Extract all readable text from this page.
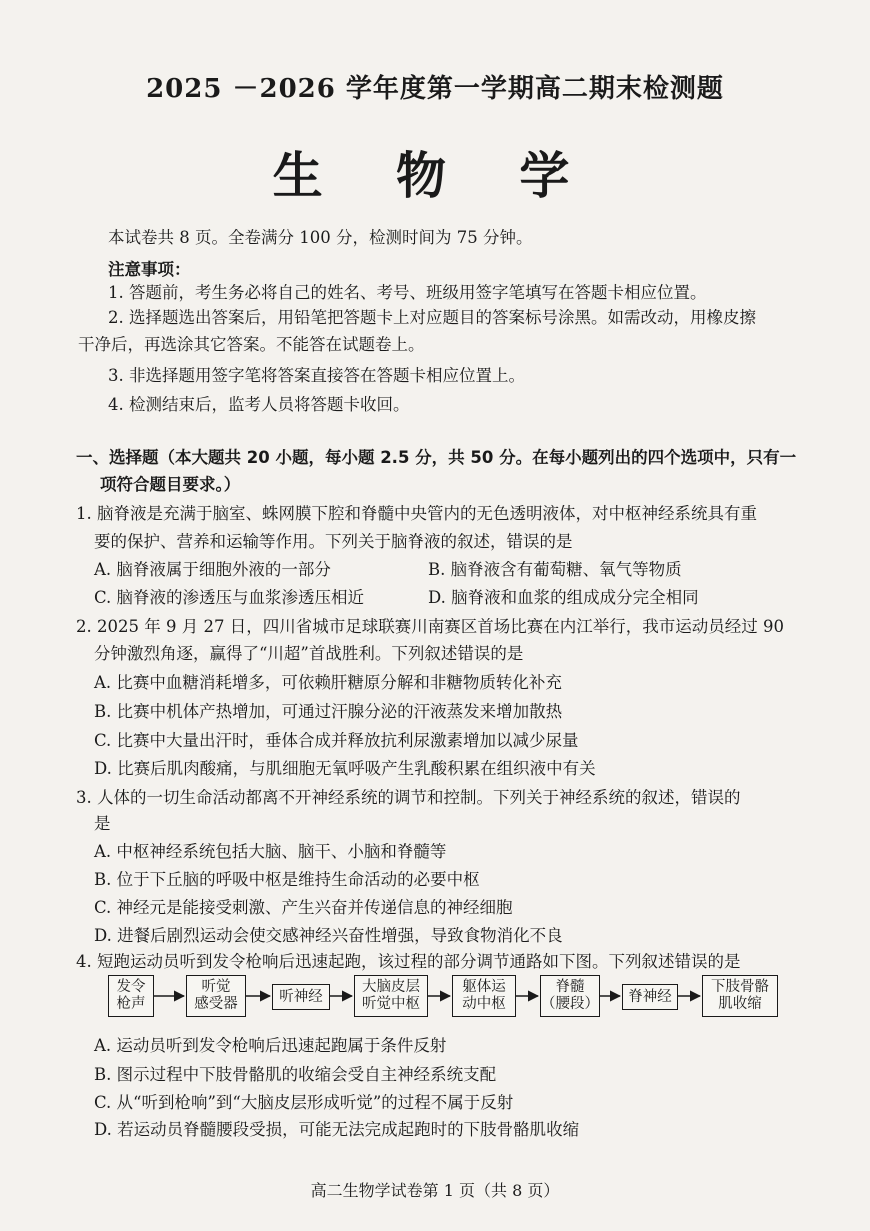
2025 －2026 学年度第一学期高二期末检测题
生 物 学
本试卷共 8 页。全卷满分 100 分，检测时间为 75 分钟。
注意事项：
1. 答题前，考生务必将自己的姓名、考号、班级用签字笔填写在答题卡相应位置。
2. 选择题选出答案后，用铅笔把答题卡上对应题目的答案标号涂黑。如需改动，用橡皮擦
干净后，再选涂其它答案。不能答在试题卷上。
3. 非选择题用签字笔将答案直接答在答题卡相应位置上。
4. 检测结束后，监考人员将答题卡收回。
一、选择题（本大题共 20 小题，每小题 2.5 分，共 50 分。在每小题列出的四个选项中，只有一
项符合题目要求。）
1. 脑脊液是充满于脑室、蛛网膜下腔和脊髓中央管内的无色透明液体，对中枢神经系统具有重
要的保护、营养和运输等作用。下列关于脑脊液的叙述，错误的是
A. 脑脊液属于细胞外液的一部分	B. 脑脊液含有葡萄糖、氧气等物质
C. 脑脊液的渗透压与血浆渗透压相近	D. 脑脊液和血浆的组成成分完全相同
2. 2025 年 9 月 27 日，四川省城市足球联赛川南赛区首场比赛在内江举行，我市运动员经过 90
分钟激烈角逐，赢得了“川超”首战胜利。下列叙述错误的是
A. 比赛中血糖消耗增多，可依赖肝糖原分解和非糖物质转化补充
B. 比赛中机体产热增加，可通过汗腺分泌的汗液蒸发来增加散热
C. 比赛中大量出汗时，垂体合成并释放抗利尿激素增加以减少尿量
D. 比赛后肌肉酸痛，与肌细胞无氧呼吸产生乳酸积累在组织液中有关
3. 人体的一切生命活动都离不开神经系统的调节和控制。下列关于神经系统的叙述，错误的
是
A. 中枢神经系统包括大脑、脑干、小脑和脊髓等
B. 位于下丘脑的呼吸中枢是维持生命活动的必要中枢
C. 神经元是能接受刺激、产生兴奋并传递信息的神经细胞
D. 进餐后剧烈运动会使交感神经兴奋性增强，导致食物消化不良
4. 短跑运动员听到发令枪响后迅速起跑，该过程的部分调节通路如下图。下列叙述错误的是
发令
枪声
听觉
感受器	听神经
大脑皮层
听觉中枢
躯体运
动中枢
脊髓
（腰段）	脊神经
下肢骨骼
肌收缩
A. 运动员听到发令枪响后迅速起跑属于条件反射
B. 图示过程中下肢骨骼肌的收缩会受自主神经系统支配
C. 从“听到枪响”到“大脑皮层形成听觉”的过程不属于反射
D. 若运动员脊髓腰段受损，可能无法完成起跑时的下肢骨骼肌收缩
高二生物学试卷第 1 页（共 8 页）
